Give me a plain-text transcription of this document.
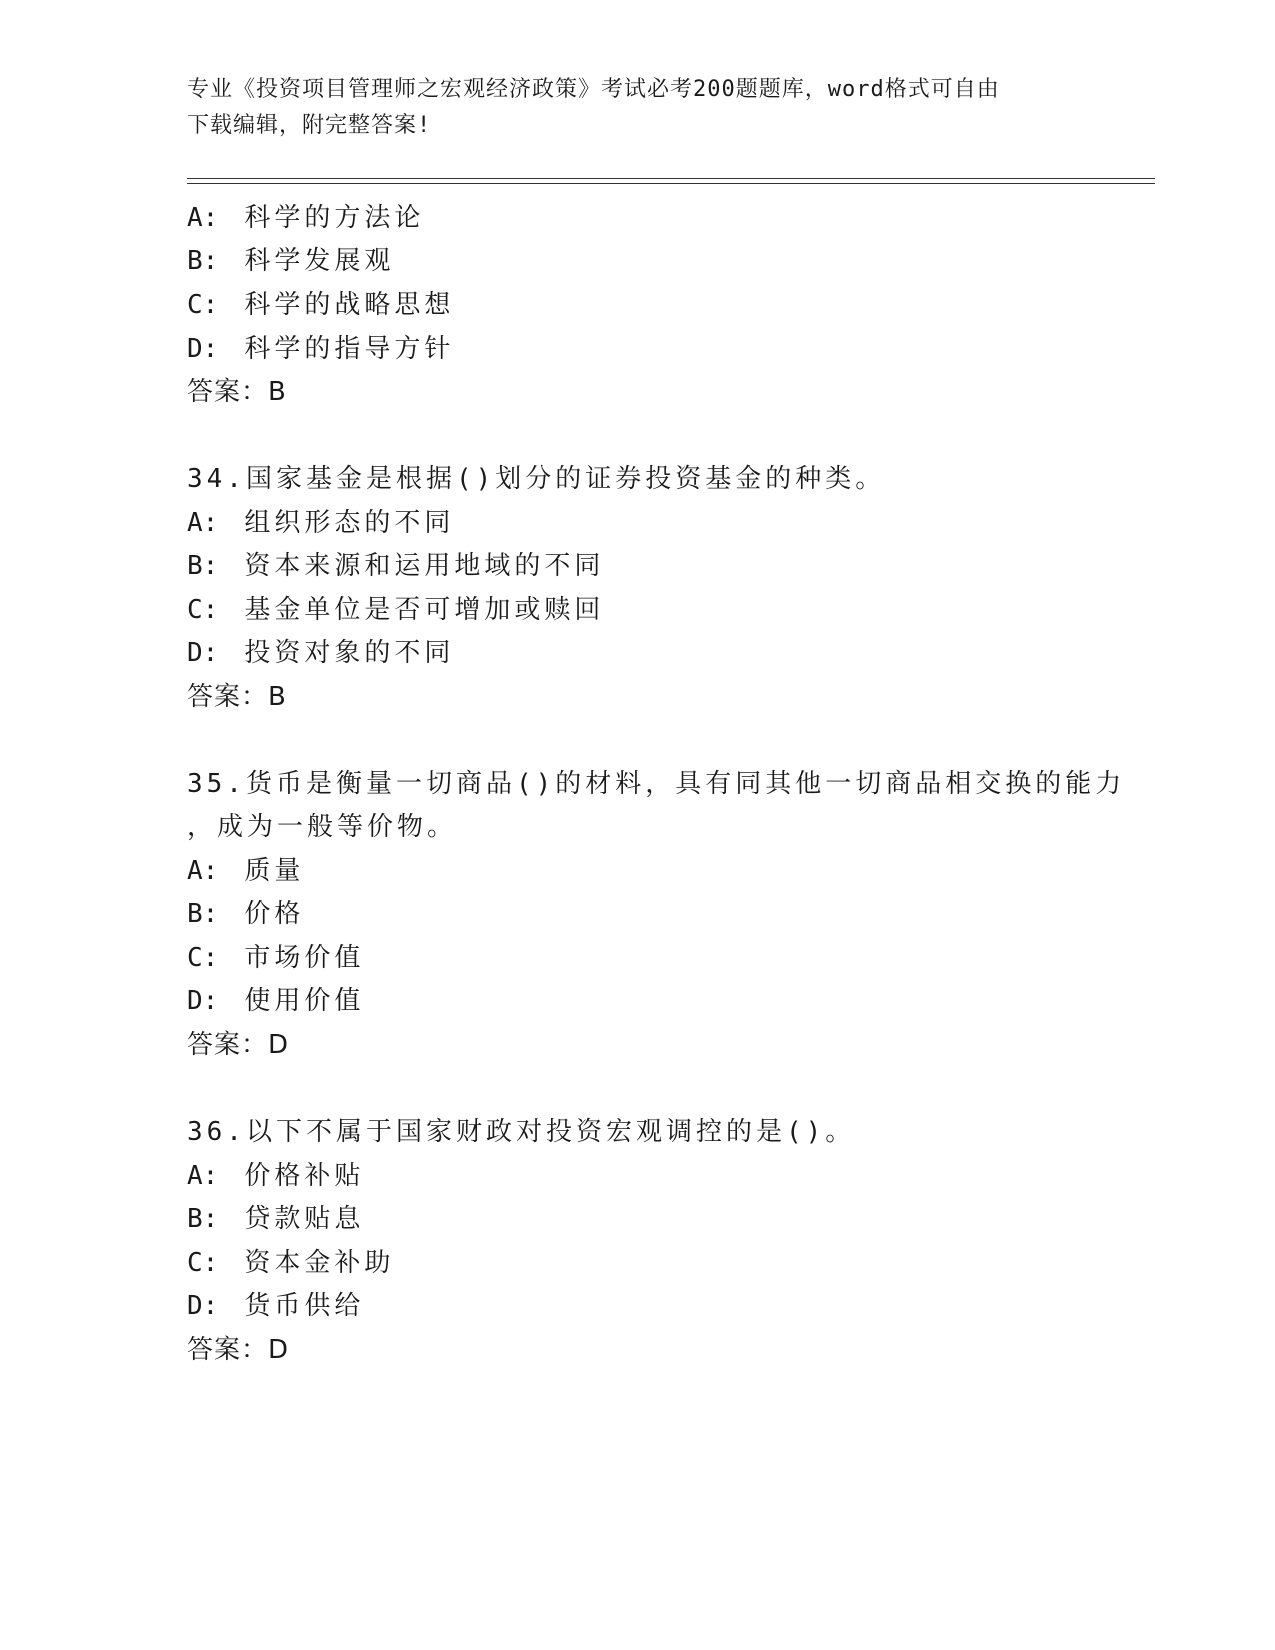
专业《投资项目管理师之宏观经济政策》考试必考200题题库，word格式可自由
下载编辑，附完整答案!
A: 科学的方法论
B: 科学发展观
C: 科学的战略思想
D: 科学的指导方针
答案：B
34.国家基金是根据()划分的证券投资基金的种类。
A: 组织形态的不同
B: 资本来源和运用地域的不同
C: 基金单位是否可增加或赎回
D: 投资对象的不同
答案：B
35.货币是衡量一切商品()的材料，具有同其他一切商品相交换的能力
，成为一般等价物。
A: 质量
B: 价格
C: 市场价值
D: 使用价值
答案：D
36.以下不属于国家财政对投资宏观调控的是()。
A: 价格补贴
B: 贷款贴息
C: 资本金补助
D: 货币供给
答案：D
